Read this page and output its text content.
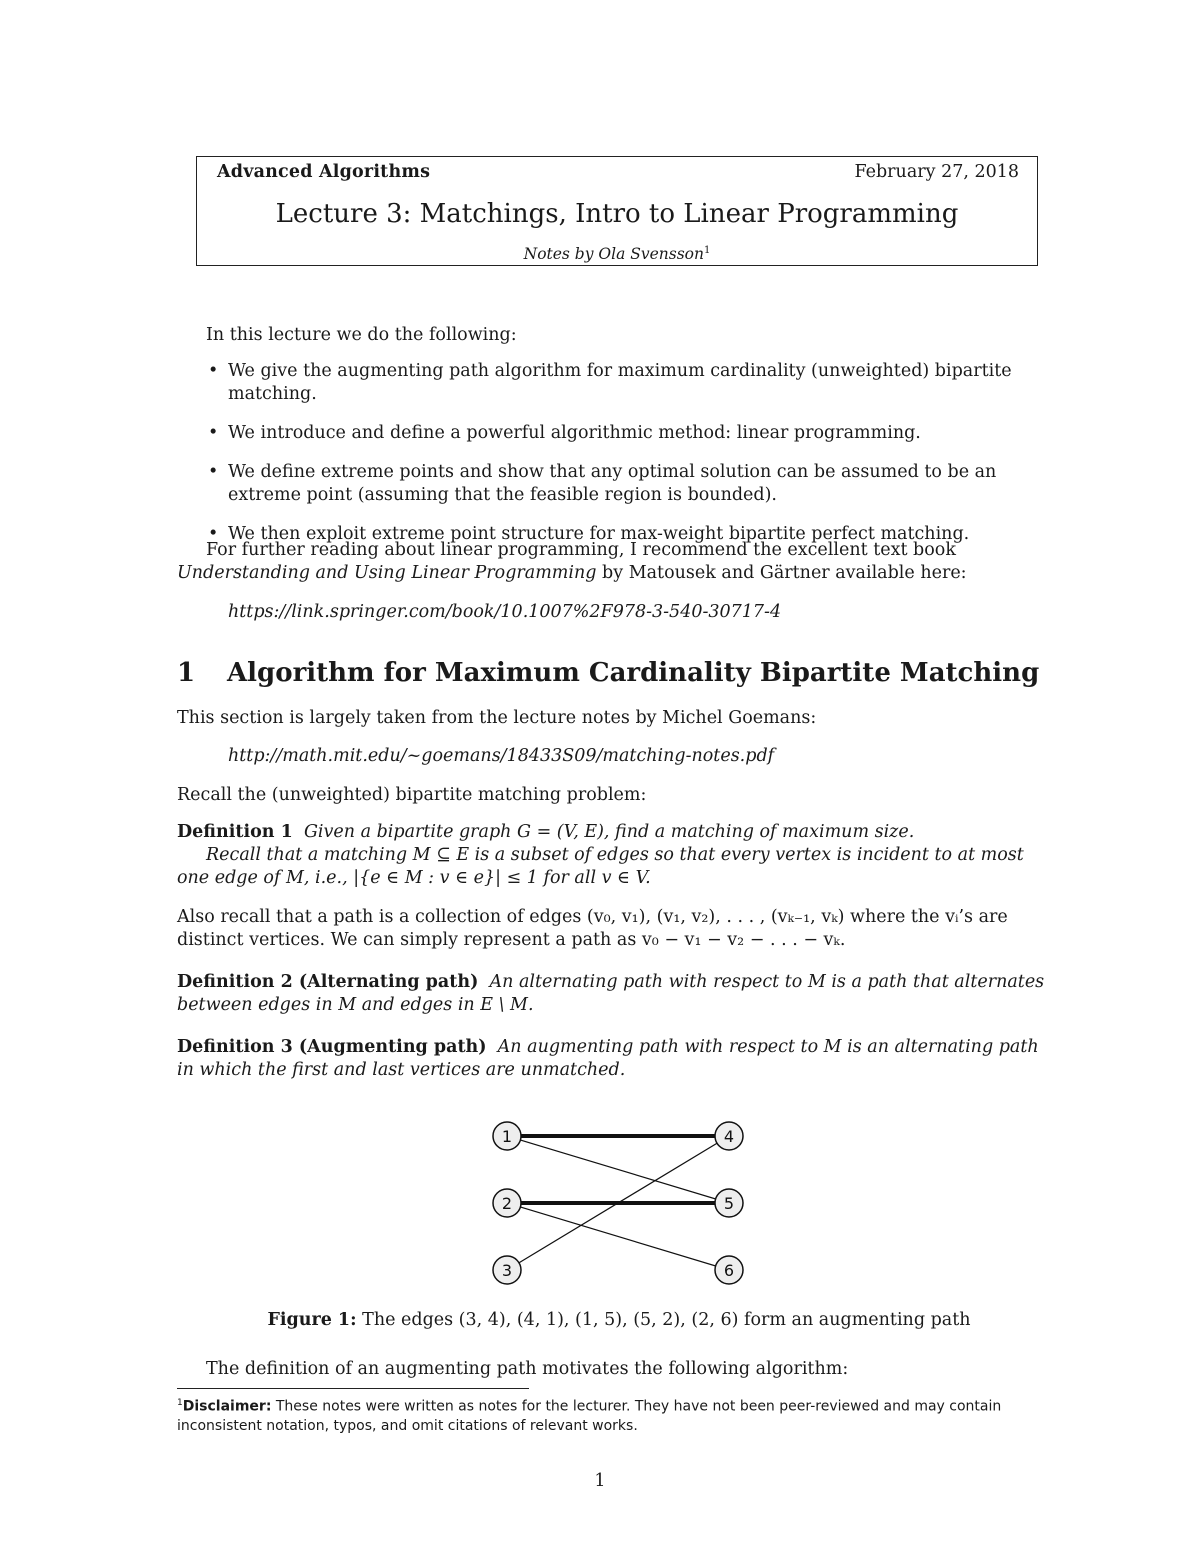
Advanced Algorithms	February 27, 2018
Lecture 3: Matchings, Intro to Linear Programming
Notes by Ola Svensson$^1$
In this lecture we do the following:
• We give the augmenting path algorithm for maximum cardinality (unweighted) bipartite matching.
• We introduce and define a powerful algorithmic method: linear programming.
• We define extreme points and show that any optimal solution can be assumed to be an extreme point (assuming that the feasible region is bounded).
• We then exploit extreme point structure for max-weight bipartite perfect matching.
For further reading about linear programming, I recommend the excellent text book Understanding and Using Linear Programming by Matousek and Gärtner available here:
https://link.springer.com/book/10.1007%2F978-3-540-30717-4
1 Algorithm for Maximum Cardinality Bipartite Matching
This section is largely taken from the lecture notes by Michel Goemans:
http://math.mit.edu/~goemans/18433S09/matching-notes.pdf
Recall the (unweighted) bipartite matching problem:
Definition 1 Given a bipartite graph G = (V, E), find a matching of maximum size.
Recall that a matching M ⊆ E is a subset of edges so that every vertex is incident to at most one edge of M, i.e., |{e ∈ M : v ∈ e}| ≤ 1 for all v ∈ V.
Also recall that a path is a collection of edges (v₀, v₁), (v₁, v₂), . . . , (vₖ₋₁, vₖ) where the vᵢ’s are distinct vertices. We can simply represent a path as v₀ − v₁ − v₂ − . . . − vₖ.
Definition 2 (Alternating path) An alternating path with respect to M is a path that alternates between edges in M and edges in E \ M.
Definition 3 (Augmenting path) An augmenting path with respect to M is an alternating path in which the first and last vertices are unmatched.
1
2
3
4
5
6
Figure 1: The edges (3, 4), (4, 1), (1, 5), (5, 2), (2, 6) form an augmenting path
The definition of an augmenting path motivates the following algorithm:
$^1$Disclaimer: These notes were written as notes for the lecturer. They have not been peer-reviewed and may contain inconsistent notation, typos, and omit citations of relevant works.
1
